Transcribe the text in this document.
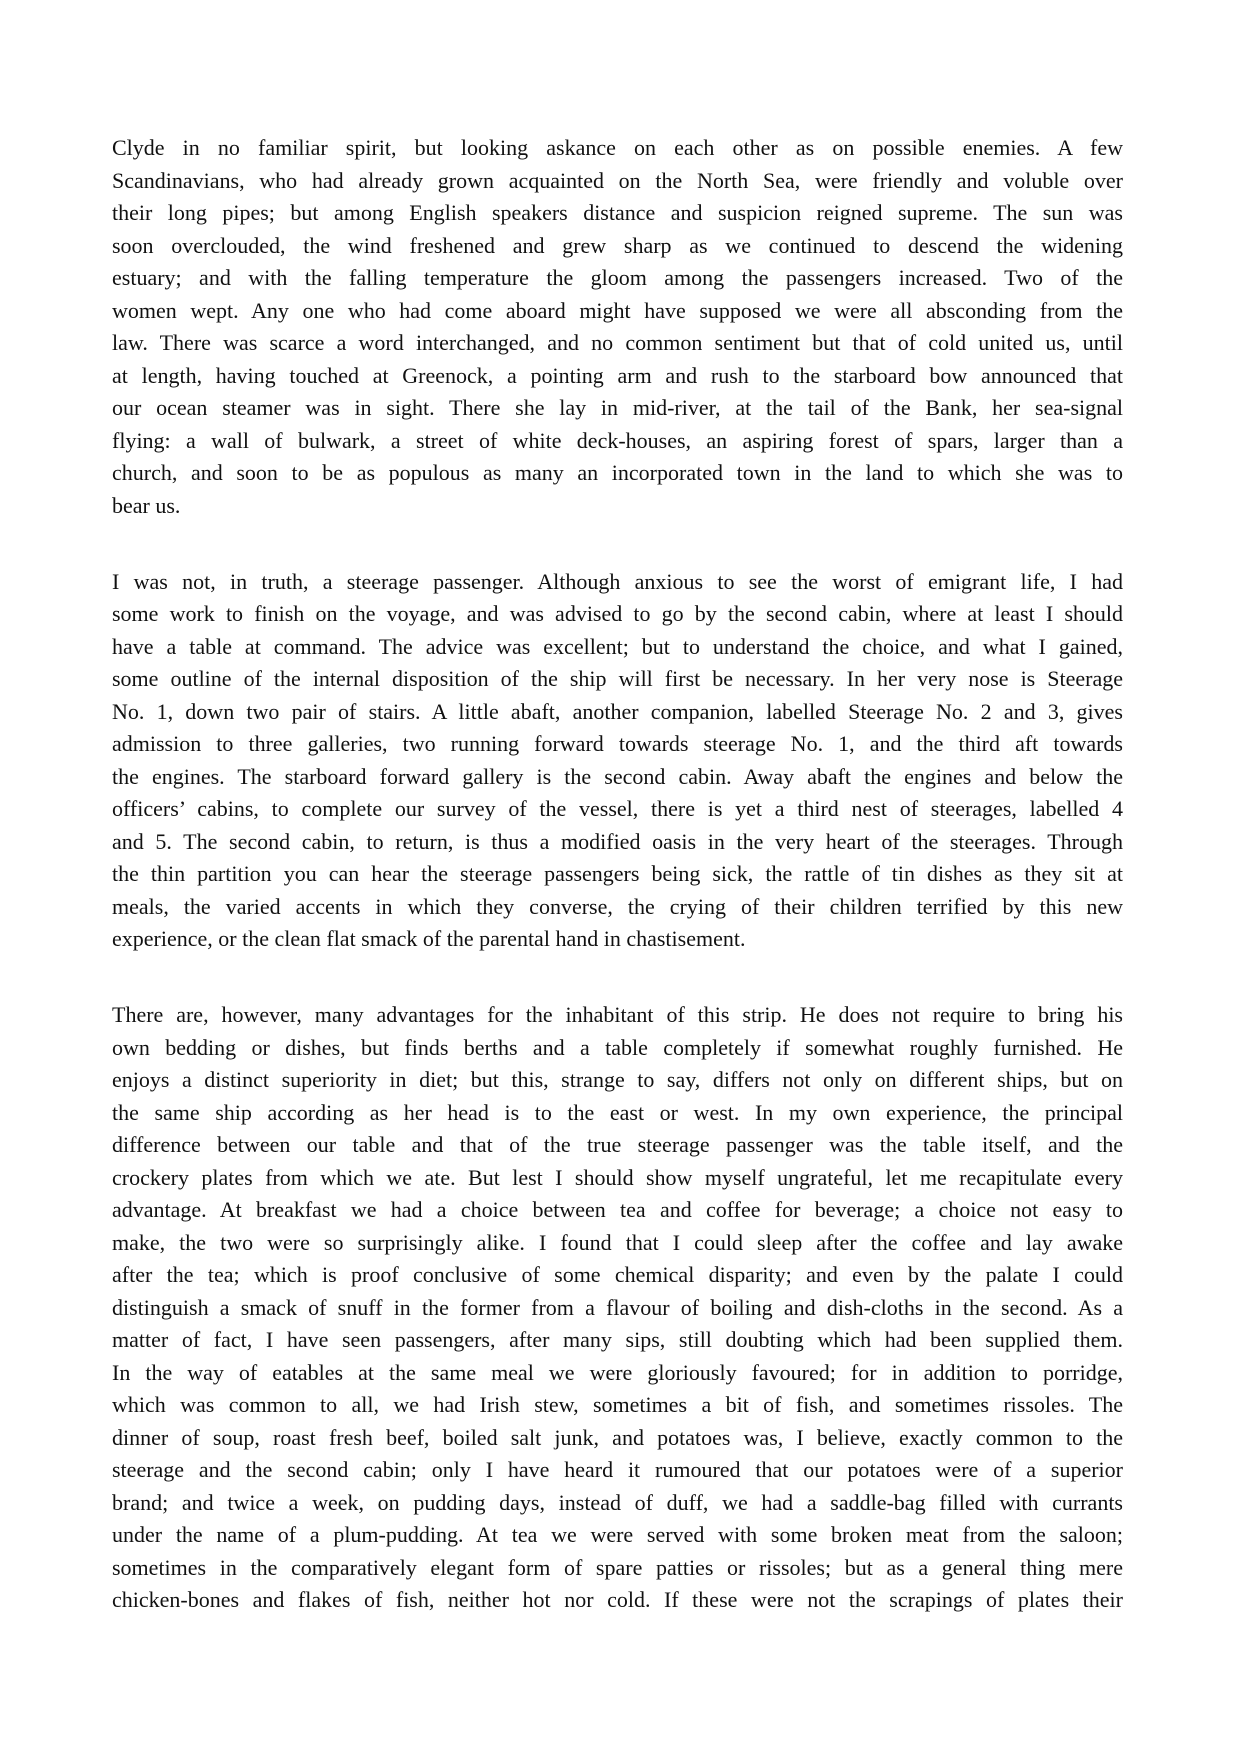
Clyde in no familiar spirit, but looking askance on each other as on possible enemies. A few
Scandinavians, who had already grown acquainted on the North Sea, were friendly and voluble over
their long pipes; but among English speakers distance and suspicion reigned supreme. The sun was
soon overclouded, the wind freshened and grew sharp as we continued to descend the widening
estuary; and with the falling temperature the gloom among the passengers increased. Two of the
women wept. Any one who had come aboard might have supposed we were all absconding from the
law. There was scarce a word interchanged, and no common sentiment but that of cold united us, until
at length, having touched at Greenock, a pointing arm and rush to the starboard bow announced that
our ocean steamer was in sight. There she lay in mid-river, at the tail of the Bank, her sea-signal
flying: a wall of bulwark, a street of white deck-houses, an aspiring forest of spars, larger than a
church, and soon to be as populous as many an incorporated town in the land to which she was to
bear us.
I was not, in truth, a steerage passenger. Although anxious to see the worst of emigrant life, I had
some work to finish on the voyage, and was advised to go by the second cabin, where at least I should
have a table at command. The advice was excellent; but to understand the choice, and what I gained,
some outline of the internal disposition of the ship will first be necessary. In her very nose is Steerage
No. 1, down two pair of stairs. A little abaft, another companion, labelled Steerage No. 2 and 3, gives
admission to three galleries, two running forward towards steerage No. 1, and the third aft towards
the engines. The starboard forward gallery is the second cabin. Away abaft the engines and below the
officers’ cabins, to complete our survey of the vessel, there is yet a third nest of steerages, labelled 4
and 5. The second cabin, to return, is thus a modified oasis in the very heart of the steerages. Through
the thin partition you can hear the steerage passengers being sick, the rattle of tin dishes as they sit at
meals, the varied accents in which they converse, the crying of their children terrified by this new
experience, or the clean flat smack of the parental hand in chastisement.
There are, however, many advantages for the inhabitant of this strip. He does not require to bring his
own bedding or dishes, but finds berths and a table completely if somewhat roughly furnished. He
enjoys a distinct superiority in diet; but this, strange to say, differs not only on different ships, but on
the same ship according as her head is to the east or west. In my own experience, the principal
difference between our table and that of the true steerage passenger was the table itself, and the
crockery plates from which we ate. But lest I should show myself ungrateful, let me recapitulate every
advantage. At breakfast we had a choice between tea and coffee for beverage; a choice not easy to
make, the two were so surprisingly alike. I found that I could sleep after the coffee and lay awake
after the tea; which is proof conclusive of some chemical disparity; and even by the palate I could
distinguish a smack of snuff in the former from a flavour of boiling and dish-cloths in the second. As a
matter of fact, I have seen passengers, after many sips, still doubting which had been supplied them.
In the way of eatables at the same meal we were gloriously favoured; for in addition to porridge,
which was common to all, we had Irish stew, sometimes a bit of fish, and sometimes rissoles. The
dinner of soup, roast fresh beef, boiled salt junk, and potatoes was, I believe, exactly common to the
steerage and the second cabin; only I have heard it rumoured that our potatoes were of a superior
brand; and twice a week, on pudding days, instead of duff, we had a saddle-bag filled with currants
under the name of a plum-pudding. At tea we were served with some broken meat from the saloon;
sometimes in the comparatively elegant form of spare patties or rissoles; but as a general thing mere
chicken-bones and flakes of fish, neither hot nor cold. If these were not the scrapings of plates their
